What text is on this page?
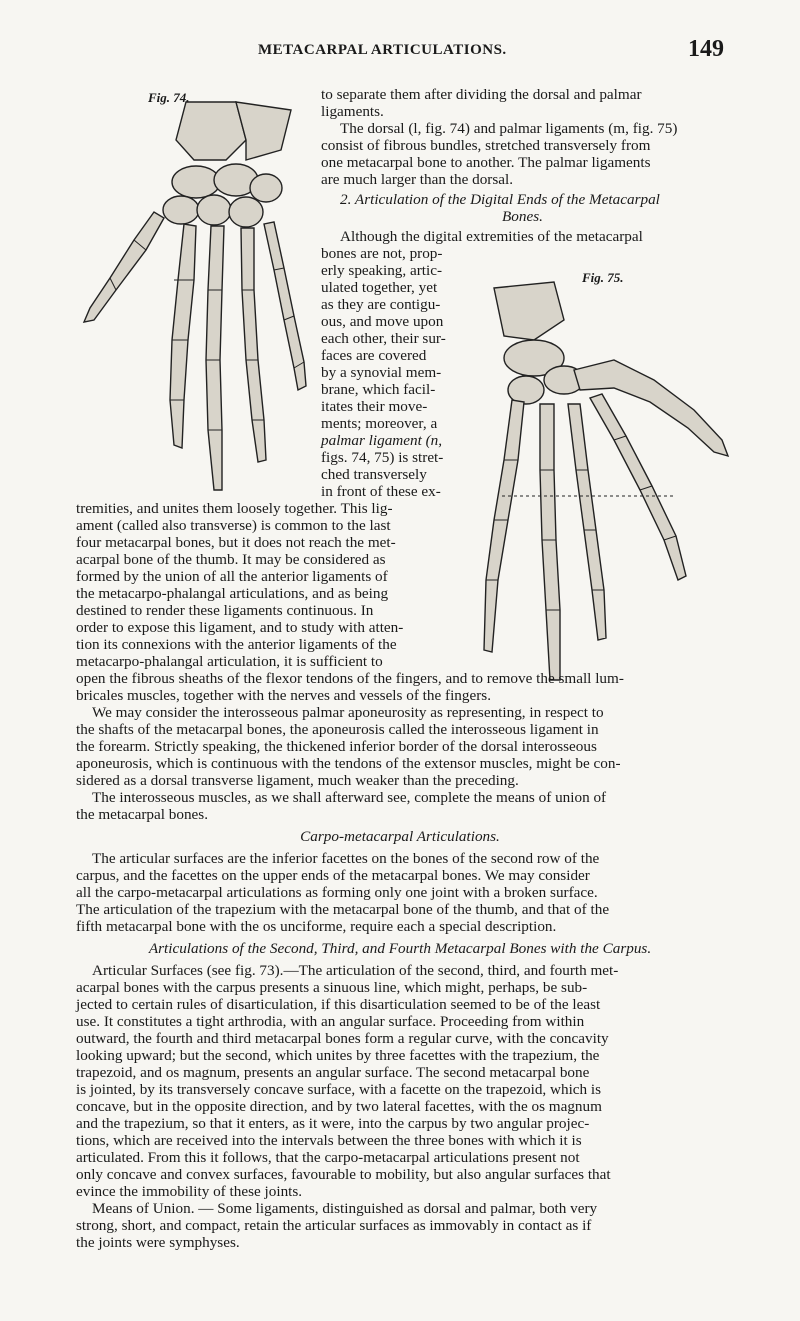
METACARPAL ARTICULATIONS.	149
Fig. 74.
Fig. 75.

to separate them after dividing the dorsal and palmar

ligaments.

The dorsal (l, fig. 74) and palmar ligaments (m, fig. 75)

consist of fibrous bundles, stretched transversely from

one metacarpal bone to another. The palmar ligaments

are much larger than the dorsal.

2. Articulation of the Digital Ends of the Metacarpal

Bones.

Although the digital extremities of the metacarpal

bones are not, prop-

erly speaking, artic-

ulated together, yet

as they are contigu-

ous, and move upon

each other, their sur-

faces are covered

by a synovial mem-

brane, which facil-

itates their move-

ments; moreover, a

palmar ligament (n,

figs. 74, 75) is stret-

ched transversely

in front of these ex-

tremities, and unites them loosely together. This lig-

ament (called also transverse) is common to the last

four metacarpal bones, but it does not reach the met-

acarpal bone of the thumb. It may be considered as

formed by the union of all the anterior ligaments of

the metacarpo-phalangal articulations, and as being

destined to render these ligaments continuous. In

order to expose this ligament, and to study with atten-

tion its connexions with the anterior ligaments of the

metacarpo-phalangal articulation, it is sufficient to

open the fibrous sheaths of the flexor tendons of the fingers, and to remove the small lum-

bricales muscles, together with the nerves and vessels of the fingers.

We may consider the interosseous palmar aponeurosity as representing, in respect to

the shafts of the metacarpal bones, the aponeurosis called the interosseous ligament in

the forearm. Strictly speaking, the thickened inferior border of the dorsal interosseous

aponeurosis, which is continuous with the tendons of the extensor muscles, might be con-

sidered as a dorsal transverse ligament, much weaker than the preceding.

The interosseous muscles, as we shall afterward see, complete the means of union of

the metacarpal bones.

Carpo-metacarpal Articulations.

The articular surfaces are the inferior facettes on the bones of the second row of the

carpus, and the facettes on the upper ends of the metacarpal bones. We may consider

all the carpo-metacarpal articulations as forming only one joint with a broken surface.

The articulation of the trapezium with the metacarpal bone of the thumb, and that of the

fifth metacarpal bone with the os unciforme, require each a special description.

Articulations of the Second, Third, and Fourth Metacarpal Bones with the Carpus.

Articular Surfaces (see fig. 73).—The articulation of the second, third, and fourth met-

acarpal bones with the carpus presents a sinuous line, which might, perhaps, be sub-

jected to certain rules of disarticulation, if this disarticulation seemed to be of the least

use. It constitutes a tight arthrodia, with an angular surface. Proceeding from within

outward, the fourth and third metacarpal bones form a regular curve, with the concavity

looking upward; but the second, which unites by three facettes with the trapezium, the

trapezoid, and os magnum, presents an angular surface. The second metacarpal bone

is jointed, by its transversely concave surface, with a facette on the trapezoid, which is

concave, but in the opposite direction, and by two lateral facettes, with the os magnum

and the trapezium, so that it enters, as it were, into the carpus by two angular projec-

tions, which are received into the intervals between the three bones with which it is

articulated. From this it follows, that the carpo-metacarpal articulations present not

only concave and convex surfaces, favourable to mobility, but also angular surfaces that

evince the immobility of these joints.

Means of Union. — Some ligaments, distinguished as dorsal and palmar, both very

strong, short, and compact, retain the articular surfaces as immovably in contact as if

the joints were symphyses.
